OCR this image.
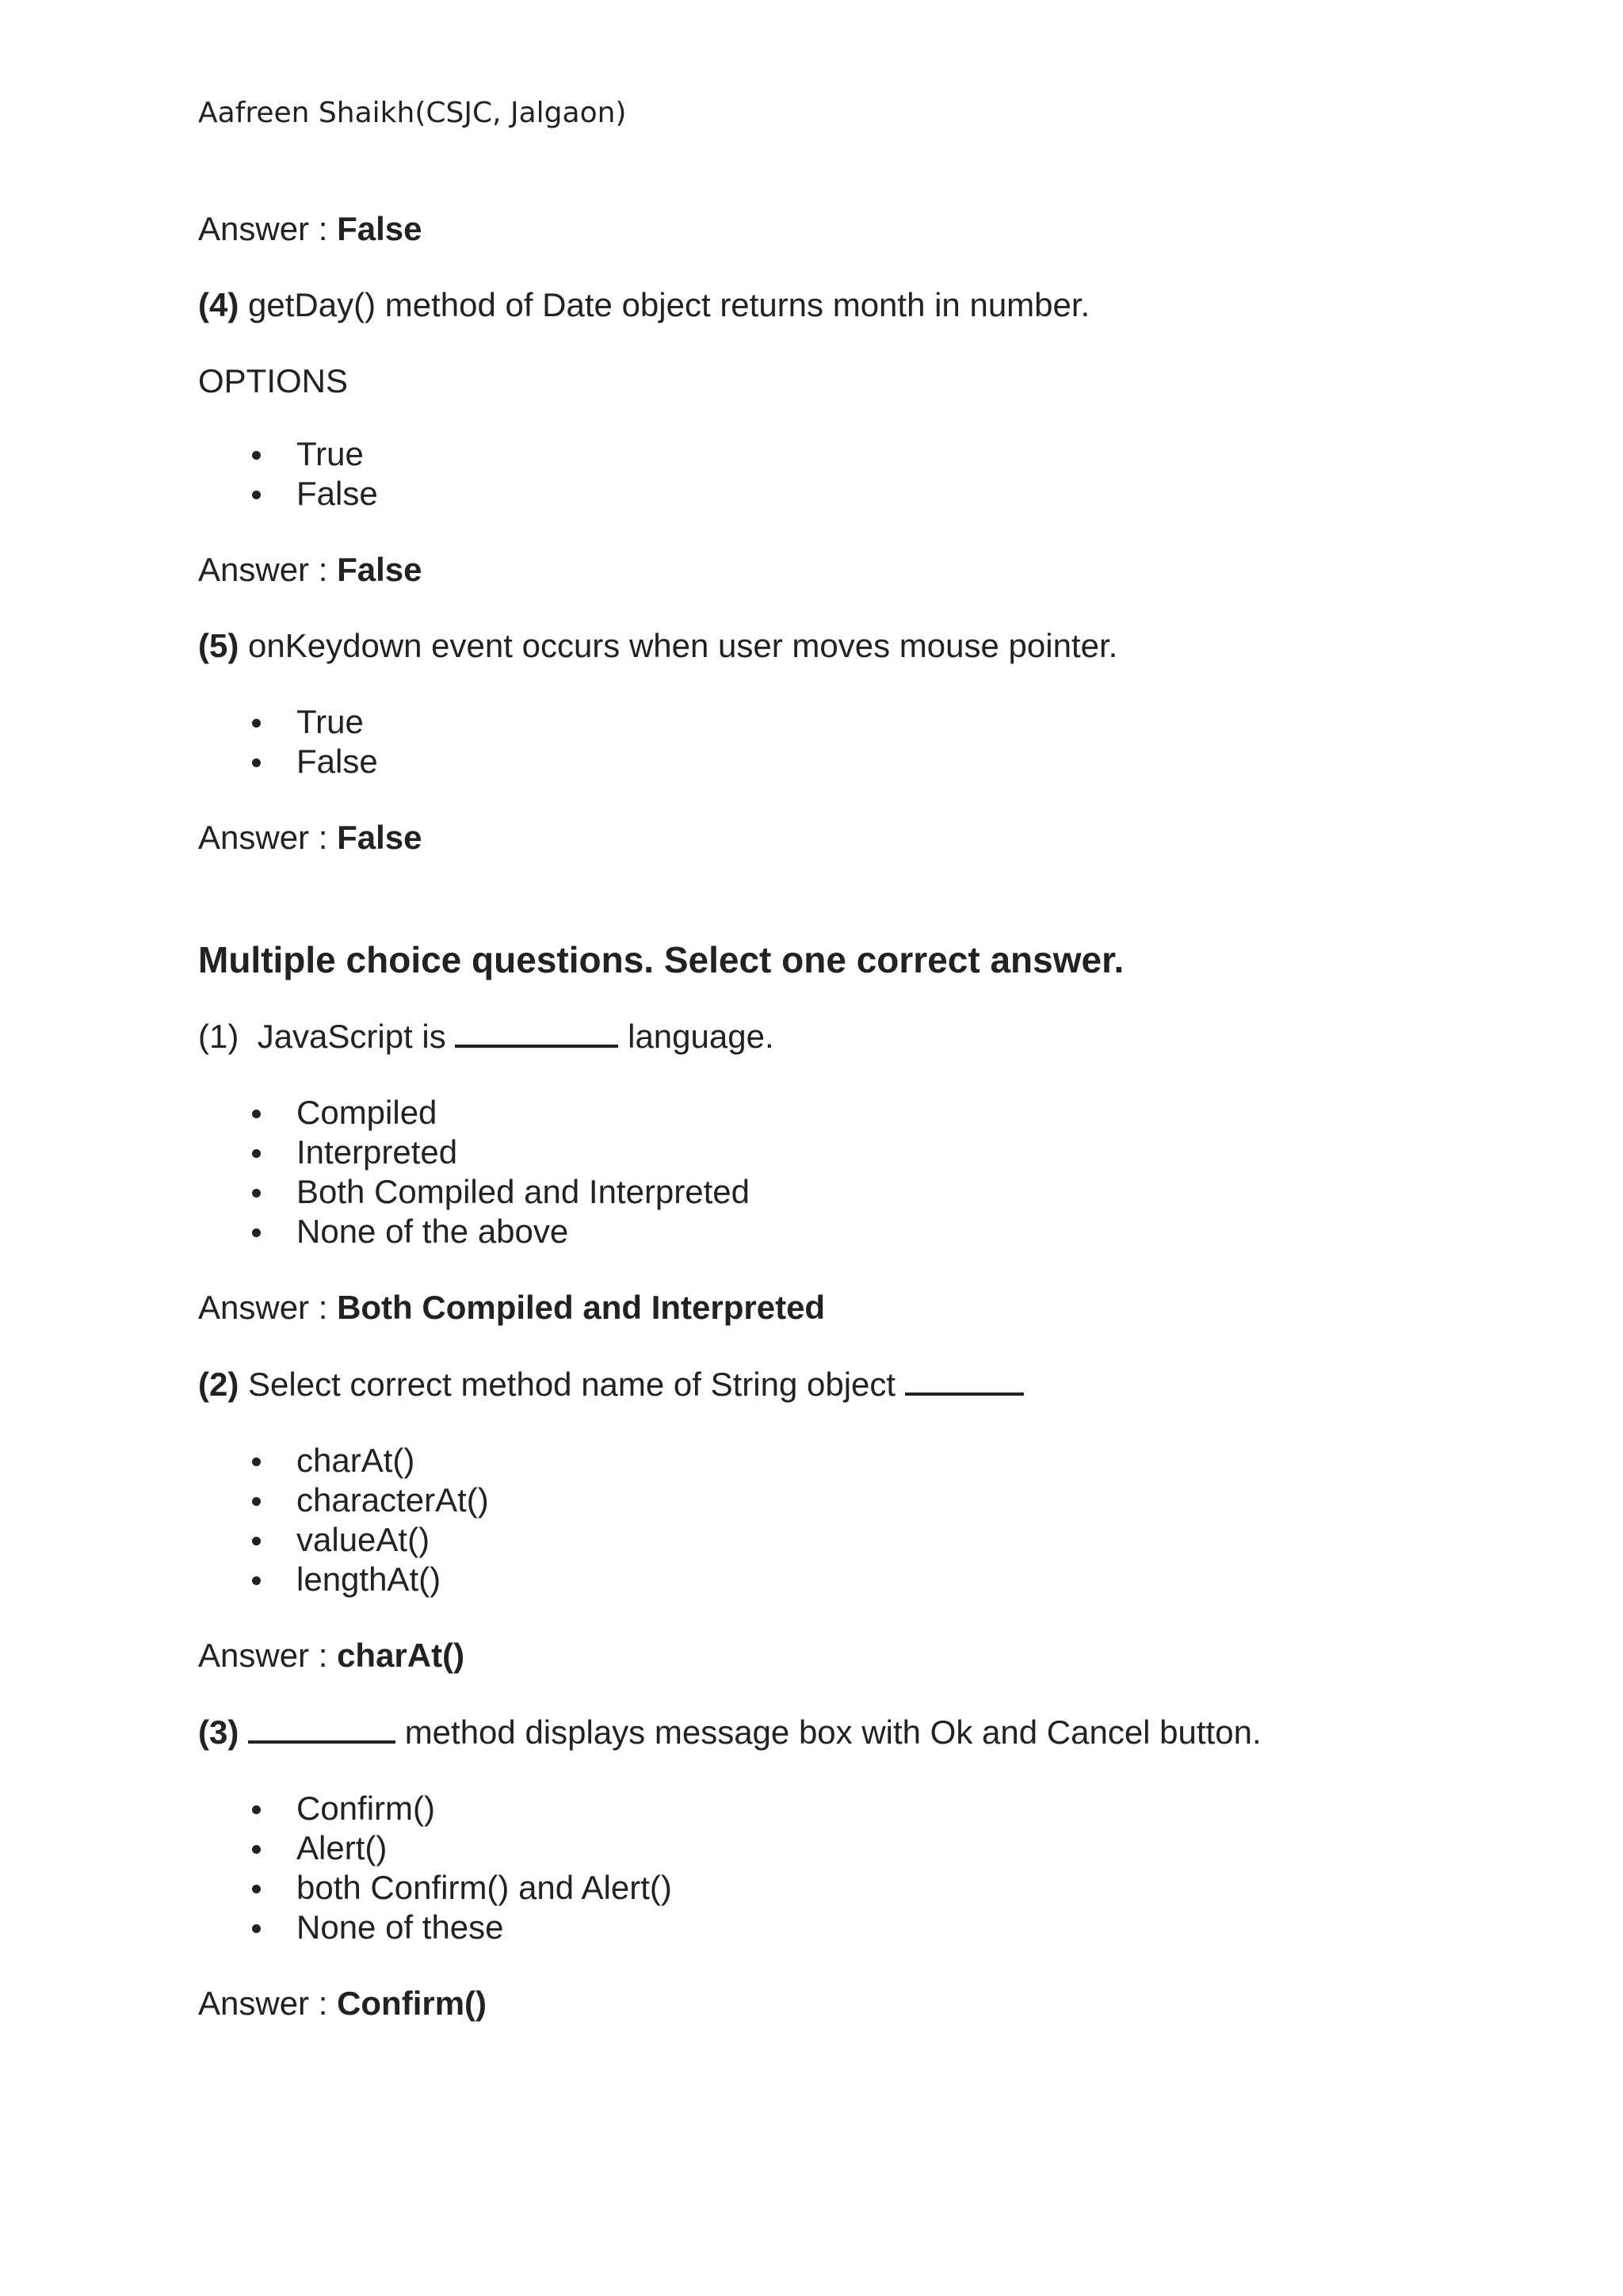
Aafreen Shaikh(CSJC, Jalgaon)

Answer : False

(4) getDay() method of Date object returns month in number.

OPTIONS

True
False

Answer : False

(5) onKeydown event occurs when user moves mouse pointer.

True
False

Answer : False

Multiple choice questions. Select one correct answer.

(1) JavaScript is	language.

Compiled
Interpreted
Both Compiled and Interpreted
None of the above

Answer : Both Compiled and Interpreted

(2) Select correct method name of String object

charAt()
characterAt()
valueAt()
lengthAt()

Answer : charAt()

(3)	method displays message box with Ok and Cancel button.

Confirm()
Alert()
both Confirm() and Alert()
None of these

Answer : Confirm()
